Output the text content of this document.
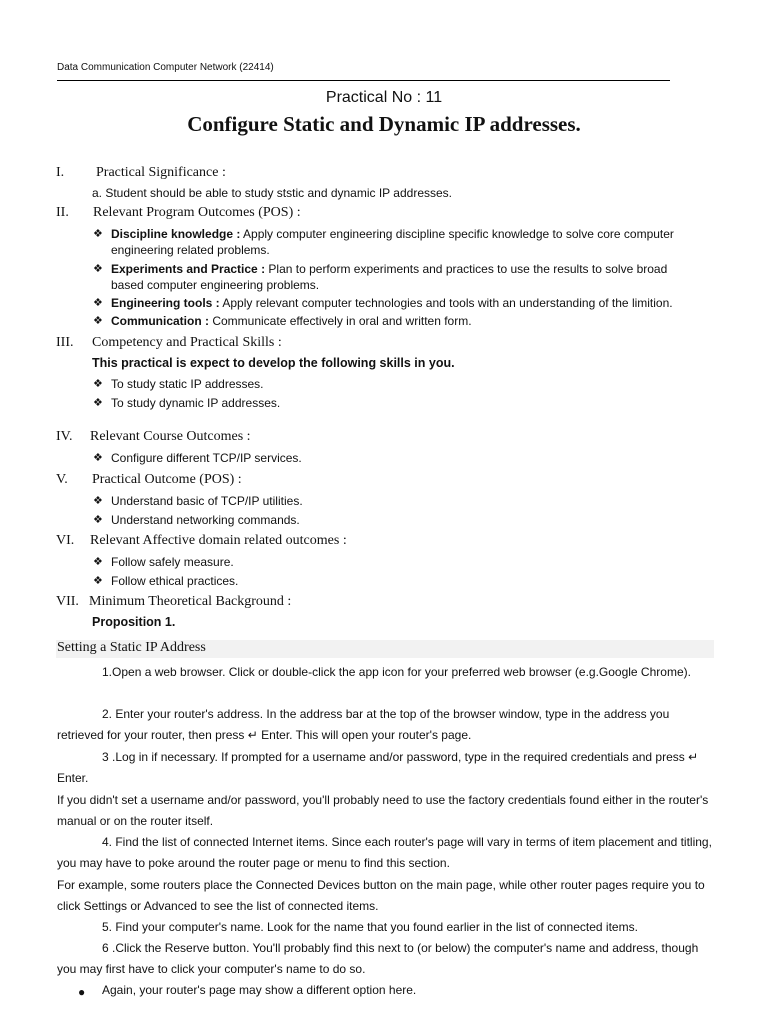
Data Communication Computer Network (22414)
Practical No : 11
Configure Static and Dynamic IP addresses.
I. Practical Significance :
a. Student should be able to study ststic and dynamic IP addresses.
II. Relevant Program Outcomes (POS) :
❖ Discipline knowledge : Apply computer engineering discipline specific knowledge to solve core computer engineering related problems.
❖ Experiments and Practice : Plan to perform experiments and practices to use the results to solve broad based computer engineering problems.
❖ Engineering tools : Apply relevant computer technologies and tools with an understanding of the limition.
❖ Communication : Communicate effectively in oral and written form.
III. Competency and Practical Skills :
This practical is expect to develop the following skills in you.
❖ To study static IP addresses.
❖ To study dynamic IP addresses.
IV. Relevant Course Outcomes :
❖ Configure different TCP/IP services.
V. Practical Outcome (POS) :
❖ Understand basic of TCP/IP utilities.
❖ Understand networking commands.
VI. Relevant Affective domain related outcomes :
❖ Follow safely measure.
❖ Follow ethical practices.
VII. Minimum Theoretical Background :
Proposition 1.
Setting a Static IP Address
1.Open a web browser. Click or double-click the app icon for your preferred web browser (e.g.Google Chrome).
2. Enter your router's address. In the address bar at the top of the browser window, type in the address you retrieved for your router, then press ↵ Enter. This will open your router's page.
3 .Log in if necessary. If prompted for a username and/or password, type in the required credentials and press ↵ Enter.
If you didn't set a username and/or password, you'll probably need to use the factory credentials found either in the router's manual or on the router itself.
4. Find the list of connected Internet items. Since each router's page will vary in terms of item placement and titling, you may have to poke around the router page or menu to find this section.
For example, some routers place the Connected Devices button on the main page, while other router pages require you to click Settings or Advanced to see the list of connected items.
5. Find your computer's name. Look for the name that you found earlier in the list of connected items.
6 .Click the Reserve button. You'll probably find this next to (or below) the computer's name and address, though you may first have to click your computer's name to do so.
● Again, your router's page may show a different option here.
